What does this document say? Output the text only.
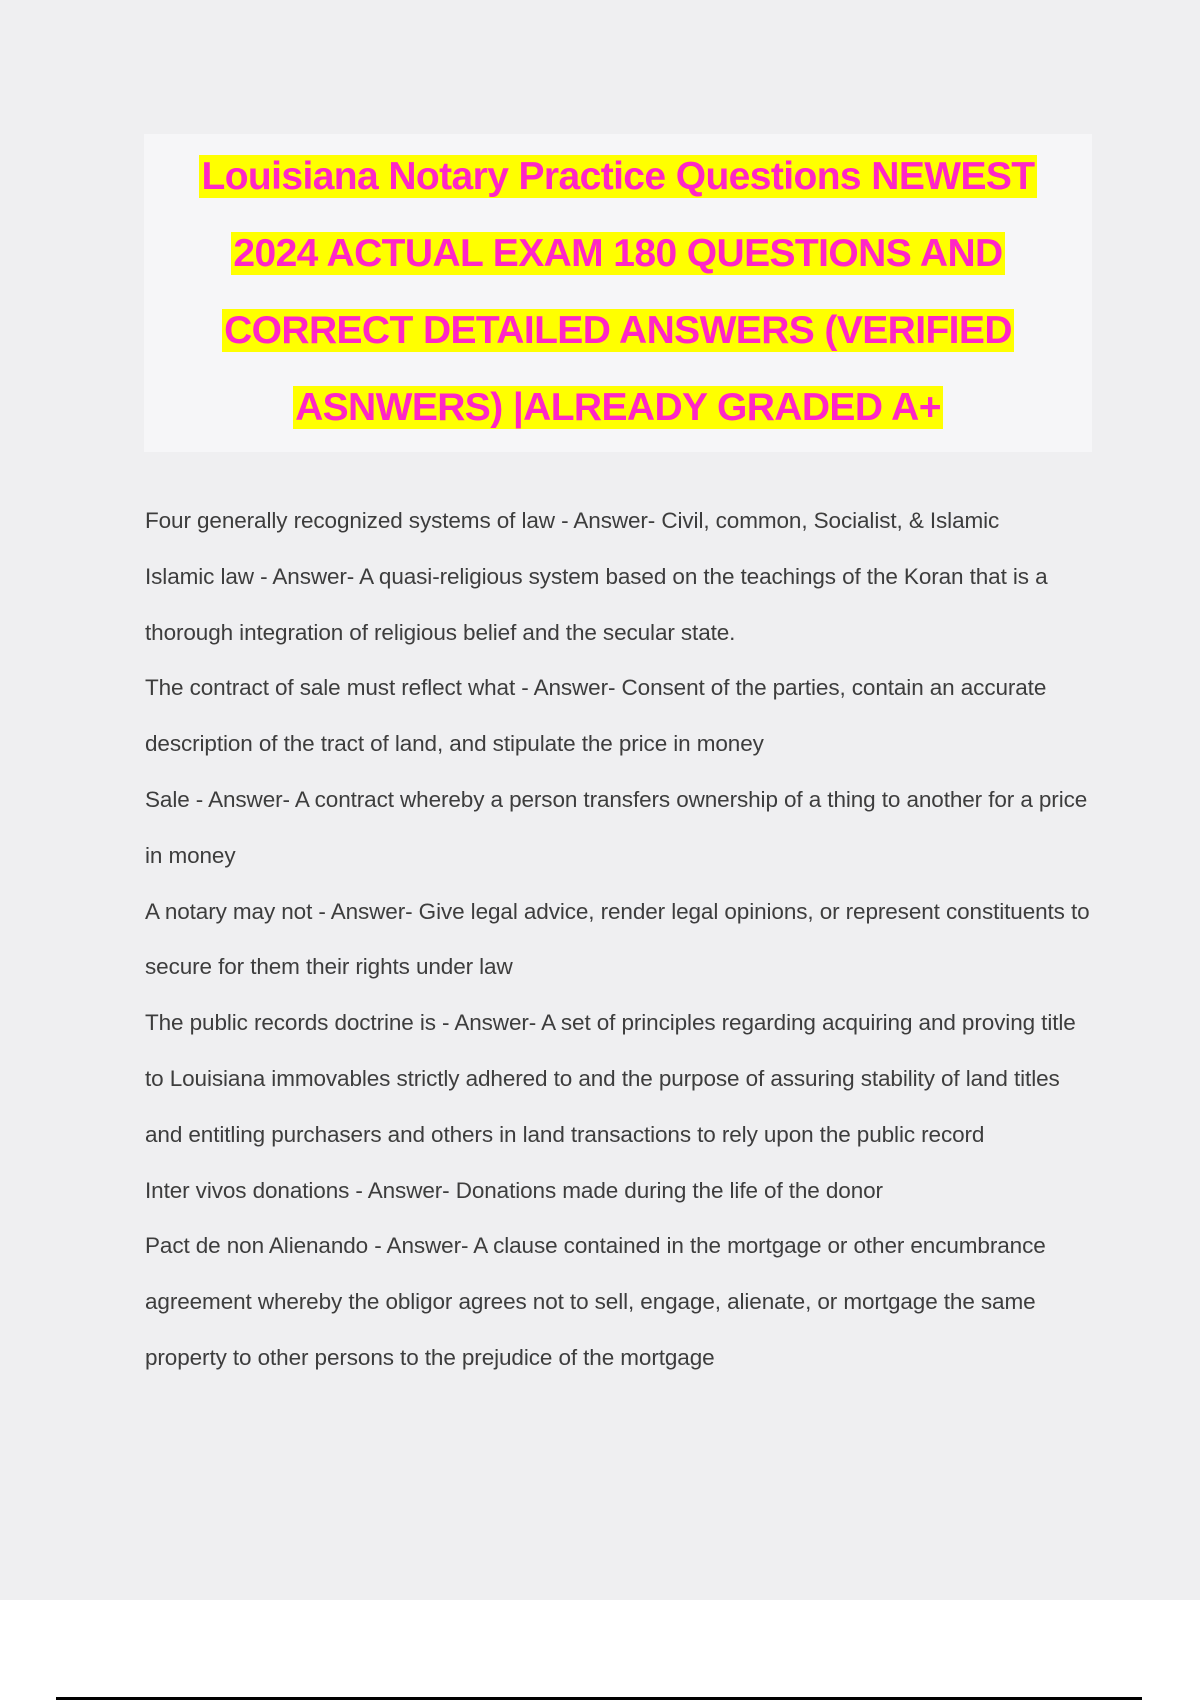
Louisiana Notary Practice Questions NEWEST
2024 ACTUAL EXAM 180 QUESTIONS AND
CORRECT DETAILED ANSWERS (VERIFIED
ASNWERS) |ALREADY GRADED A+
Four generally recognized systems of law - Answer- Civil, common, Socialist, & Islamic
Islamic law - Answer- A quasi-religious system based on the teachings of the Koran that is a thorough integration of religious belief and the secular state.
The contract of sale must reflect what - Answer- Consent of the parties, contain an accurate description of the tract of land, and stipulate the price in money
Sale - Answer- A contract whereby a person transfers ownership of a thing to another for a price in money
A notary may not - Answer- Give legal advice, render legal opinions, or represent constituents to secure for them their rights under law
The public records doctrine is - Answer- A set of principles regarding acquiring and proving title to Louisiana immovables strictly adhered to and the purpose of assuring stability of land titles and entitling purchasers and others in land transactions to rely upon the public record
Inter vivos donations - Answer- Donations made during the life of the donor
Pact de non Alienando - Answer- A clause contained in the mortgage or other encumbrance agreement whereby the obligor agrees not to sell, engage, alienate, or mortgage the same property to other persons to the prejudice of the mortgage
